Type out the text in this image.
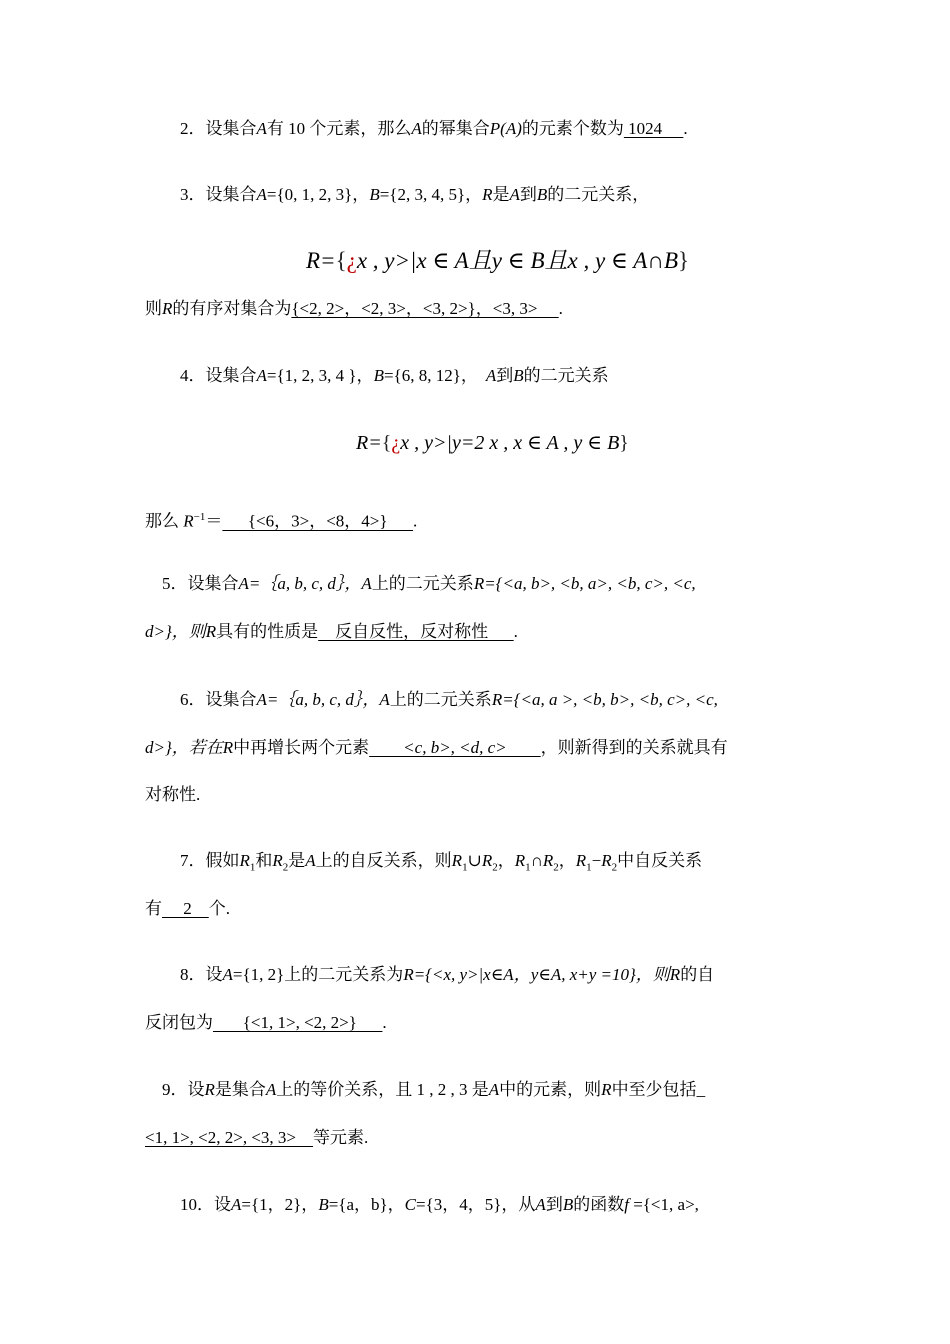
2．设集合A有 10 个元素，那么A的幂集合P(A)的元素个数为 1024     .
3．设集合A={0, 1, 2, 3}，B={2, 3, 4, 5}，R是A到B的二元关系，
R={¿x , y>|x ∈ A且y ∈ B且x , y ∈ A∩B}
则R的有序对集合为{<2, 2>，<2, 3>，<3, 2>}，<3, 3>     .
4．设集合A={1, 2, 3, 4 }，B={6, 8, 12}， A到B的二元关系
R={¿x , y>|y=2 x , x ∈ A , y ∈ B}
那么 $R^{-1}=$      {<6，3>，<8，4>}      .
5．设集合A=｛a, b, c, d｝，A上的二元关系R={<a, b>, <b, a>, <b, c>, <c,
d>}，则R具有的性质是    反自反性，反对称性      .
6．设集合A=｛a, b, c, d｝，A上的二元关系R={<a, a >, <b, b>, <b, c>, <c,
d>}，若在R中再增长两个元素        <c, b>, <d, c>        ，则新得到的关系就具有
对称性.
7．假如$R_1$和$R_2$是A上的自反关系，则$R_1\cup R_2$，$R_1\cap R_2$，$R_1-R_2$中自反关系
有     2    个.
8．设A={1, 2}上的二元关系为R={<x, y>|x∈A，y∈A, x+y =10}，则R的自
反闭包为       {<1, 1>, <2, 2>}      .
9．设R是集合A上的等价关系，且 1 , 2 , 3 是A中的元素，则R中至少包括_
<1, 1>, <2, 2>, <3, 3>    等元素.
10．设A={1，2}，B={a，b}，C={3，4，5}，从A到B的函数f ={<1, a>,
